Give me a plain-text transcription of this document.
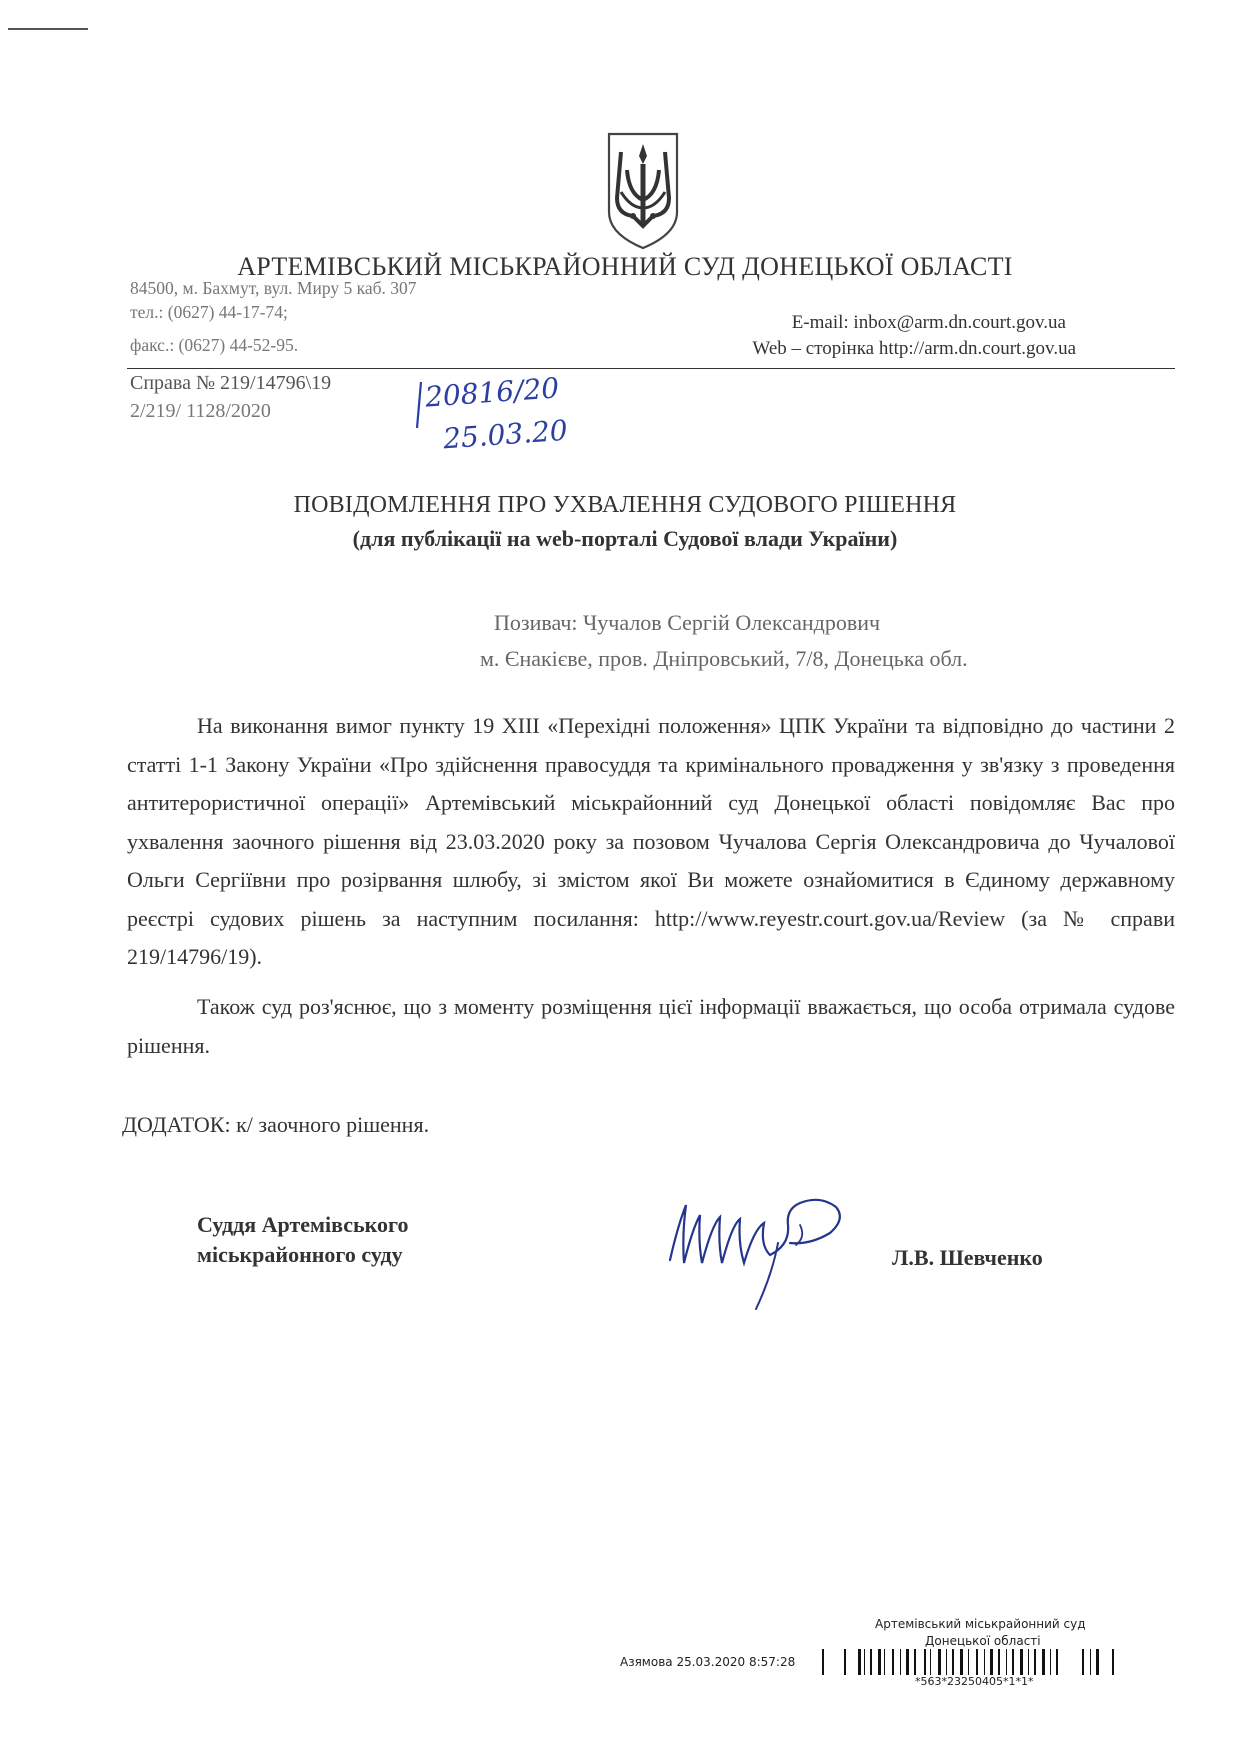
АРТЕМІВСЬКИЙ МІСЬКРАЙОННИЙ СУД ДОНЕЦЬКОЇ ОБЛАСТІ
84500, м. Бахмут, вул. Миру 5 каб. 307
тел.: (0627) 44-17-74;
факс.: (0627) 44-52-95.
E-mail: inbox@arm.dn.court.gov.ua
Web – сторінка http://arm.dn.court.gov.ua
Справа № 219/14796\19
2/219/ 1128/2020	20816/20
25.03.20
ПОВІДОМЛЕННЯ ПРО УХВАЛЕННЯ СУДОВОГО РІШЕННЯ
(для публікації на web-порталі Судової влади України)
Позивач: Чучалов Сергій Олександрович
м. Єнакієве, пров. Дніпровський, 7/8, Донецька обл.
На виконання вимог пункту 19 XIII «Перехідні положення» ЦПК України та відповідно до частини 2 статті 1-1 Закону України «Про здійснення правосуддя та кримінального провадження у зв'язку з проведення антитерористичної операції» Артемівський міськрайонний суд Донецької області повідомляє Вас про ухвалення заочного рішення від 23.03.2020 року за позовом Чучалова Сергія Олександровича до Чучалової Ольги Сергіївни про розірвання шлюбу, зі змістом якої Ви можете ознайомитися в Єдиному державному реєстрі судових рішень за наступним посилання: http://www.reyestr.court.gov.ua/Review (за № справи 219/14796/19).
Також суд роз'яснює, що з моменту розміщення цієї інформації вважається, що особа отримала судове рішення.
ДОДАТОК: к/ заочного рішення.
Суддя Артемівського
міськрайонного суду	Л.В. Шевченко
Артемівський міськрайонний суд
Донецької області
Азямова 25.03.2020 8:57:28
*563*23250405*1*1*
